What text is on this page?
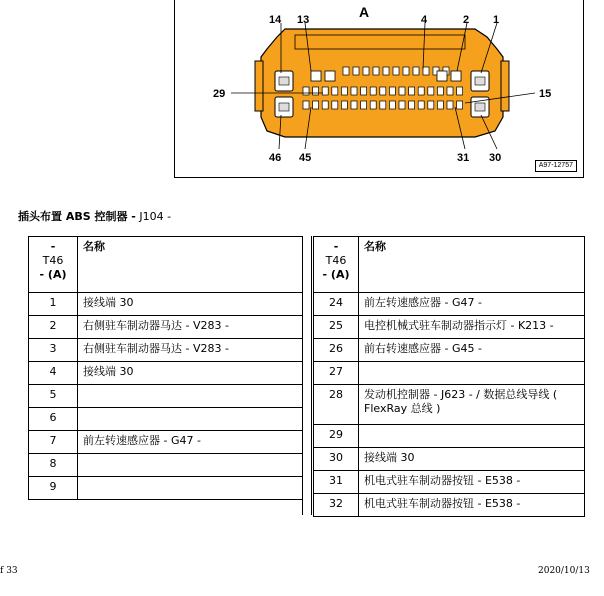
14 13	A	4	2 1
29	15
46 45	31 30
A97-12757
插头布置 ABS 控制器 - J104 -
-
T46
- (A)	名称
1	接线端 30
2	右侧驻车制动器马达 - V283 -
3	右侧驻车制动器马达 - V283 -
4	接线端 30
5	
6	
7	前左转速感应器 - G47 -
8	
9	
-
T46
- (A)	名称
24	前左转速感应器 - G47 -
25	电控机械式驻车制动器指示灯 - K213 -
26	前右转速感应器 - G45 -
27	
28	发动机控制器 - J623 - / 数据总线导线 ( FlexRay 总线 )
29	
30	接线端 30
31	机电式驻车制动器按钮 - E538 -
32	机电式驻车制动器按钮 - E538 -
f 33	2020/10/13
